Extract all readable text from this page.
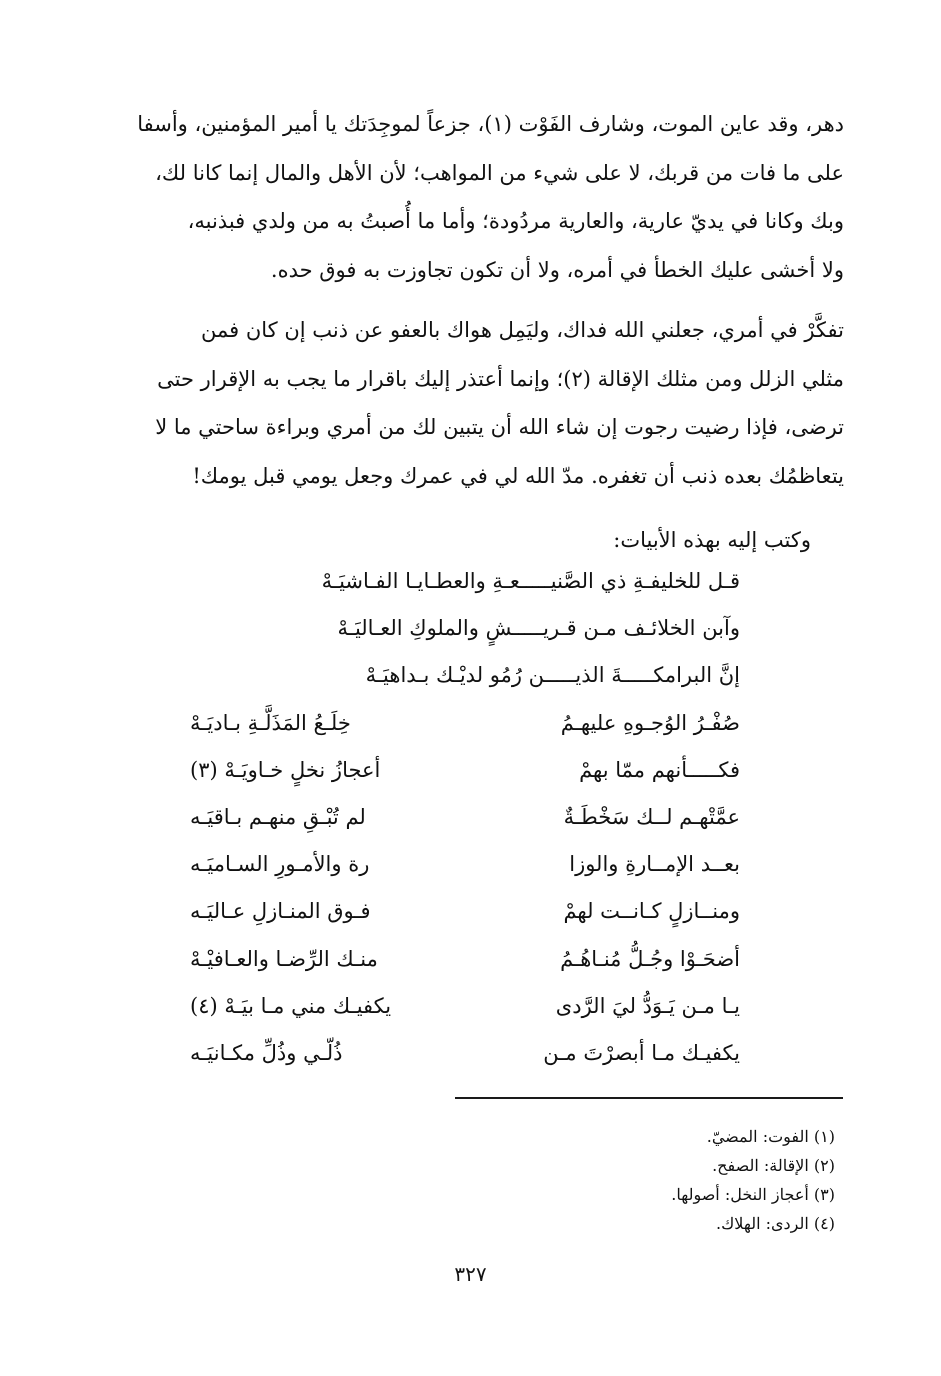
دهر، وقد عاين الموت، وشارف الفَوْت (١)، جزعاً لموجِدَتك يا أمير المؤمنين، وأسفا
على ما فات من قربك، لا على شيء من المواهب؛ لأن الأهل والمال إنما كانا لك،
وبك وكانا في يديّ عارية، والعارية مردُودة؛ وأما ما أُصبتُ به من ولدي فبذنبه،
ولا أخشى عليك الخطأ في أمره، ولا أن تكون تجاوزت به فوق حده.
تفكَّرْ في أمري، جعلني الله فداك، وليَمِل هواك بالعفو عن ذنب إن كان فمن
مثلي الزلل ومن مثلك الإقالة (٢)؛ وإنما أعتذر إليك باقرار ما يجب به الإقرار حتى
ترضى، فإذا رضيت رجوت إن شاء الله أن يتبين لك من أمري وبراءة ساحتي ما لا
يتعاظمُك بعده ذنب أن تغفره. مدّ الله لي في عمرك وجعل يومي قبل يومك!
وكتب إليه بهذه الأبيات:
قـل للخليفـةِ ذي الصَّنيـــــعـةِ والعطـايـا الفـاشيَـهْ
وآبن الخلائـف مـن قـريـــــشٍ والملوكِ العـاليَـهْ
إنَّ البرامكـــــةَ الذيـــــن رُمُو لديْـك بـداهيَـهْ
صُفْـرُ الوُجـوهِ عليهـمُ
خِلَـعُ المَذَلَّـةِ بـاديَـهْ
فكـــــأنهم ممّا بهمْ
أعجازُ نخلٍ خـاويَـهْ (٣)
عمَّتْهـم لــك سَخْطَـةٌ
لم تُبْـقِ منهـم بـاقيَـه
بعــد الإمــارةِ والوزا
رة والأمـورِ السـاميَـه
ومنــازلٍ كـانــت لهمْ
فـوق المنـازلِ عـاليَـه
أضحَـوْا وجُـلُّ مُنـاهُـمُ
منـك الرِّضـا والعـافيْـهْ
يـا مـن يَـوَدُّ ليَ الرَّدى
يكفيـك مني مـا بيَـهْ (٤)
يكفيـك مـا أبصرْتَ مـن
ذُلّـي وذُلِّ مكـانيَـه
(١) الفوت: المضيّ.
(٢) الإقالة: الصفح.
(٣) أعجاز النخل: أصولها.
(٤) الردى: الهلاك.
٣٢٧
